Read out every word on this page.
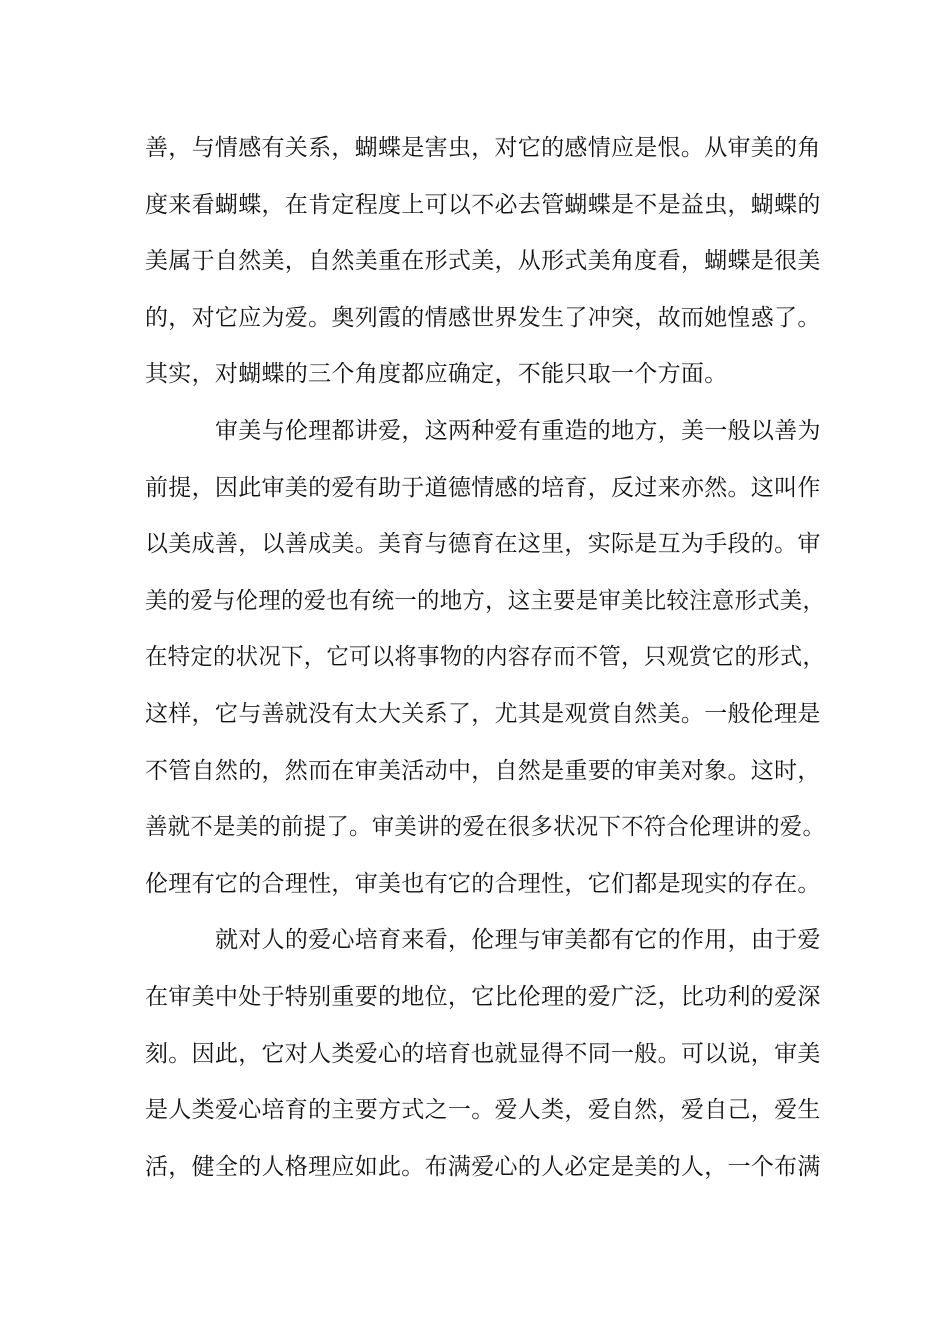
善，与情感有关系，蝴蝶是害虫，对它的感情应是恨。从审美的角
度来看蝴蝶，在肯定程度上可以不必去管蝴蝶是不是益虫，蝴蝶的
美属于自然美，自然美重在形式美，从形式美角度看，蝴蝶是很美
的，对它应为爱。奥列霞的情感世界发生了冲突，故而她惶惑了。
其实，对蝴蝶的三个角度都应确定，不能只取一个方面。
审美与伦理都讲爱，这两种爱有重造的地方，美一般以善为
前提，因此审美的爱有助于道德情感的培育，反过来亦然。这叫作
以美成善，以善成美。美育与德育在这里，实际是互为手段的。审
美的爱与伦理的爱也有统一的地方，这主要是审美比较注意形式美，
在特定的状况下，它可以将事物的内容存而不管，只观赏它的形式，
这样，它与善就没有太大关系了，尤其是观赏自然美。一般伦理是
不管自然的，然而在审美活动中，自然是重要的审美对象。这时，
善就不是美的前提了。审美讲的爱在很多状况下不符合伦理讲的爱。
伦理有它的合理性，审美也有它的合理性，它们都是现实的存在。
就对人的爱心培育来看，伦理与审美都有它的作用，由于爱
在审美中处于特别重要的地位，它比伦理的爱广泛，比功利的爱深
刻。因此，它对人类爱心的培育也就显得不同一般。可以说，审美
是人类爱心培育的主要方式之一。爱人类，爱自然，爱自己，爱生
活，健全的人格理应如此。布满爱心的人必定是美的人，一个布满
